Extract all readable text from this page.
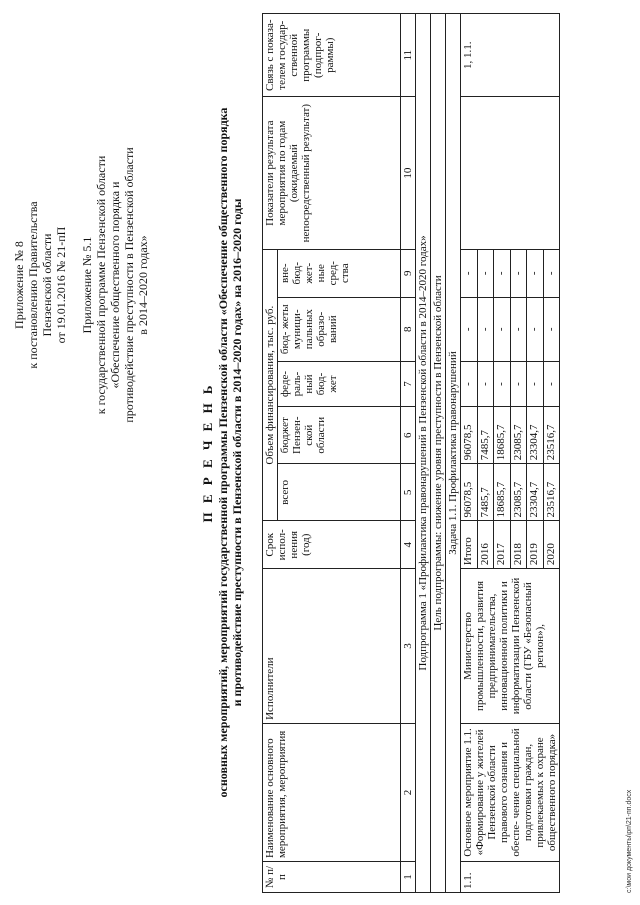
Приложение № 8 к постановлению Правительства Пензенской области от 19.01.2016 № 21-пП Приложение № 5.1 к государственной программе Пензенской области «Обеспечение общественного порядка и противодействие преступности в Пензенской области в 2014–2020 годах»
П Е Р Е Ч Е Н Ь основных мероприятий, мероприятий государственной программы Пензенской области «Обеспечение общественного порядка и противодействие преступности в Пензенской области в 2014–2020 годах» на 2016–2020 годы
№ п/п	Наименование основного мероприятия, мероприятия	Исполнители	Срок испол- нения (год)	Объем финансирования, тыс. руб.					Показатели результата мероприятия по годам (ожидаемый непосредственный результат)	Связь с показа- телем государ- ственной программы (подпрог- раммы)
				всего	бюджет Пензен- ской области	феде- раль- ный бюд- жет	бюд- жеты муници- пальных образо- ваний	вне- бюд- жет- ные сред- ства		
1	2	3	4	5	6	7	8	9	10	11
Подпрограмма 1 «Профилактика правонарушений в Пензенской области в 2014–2020 годах»										
Цель подпрограммы: снижение уровня преступности в Пензенской области										
Задача 1.1. Профилактика правонарушений										
1.1.	Основное мероприятие 1.1. «Формирование у жителей Пензенской области правового сознания и обеспе- чение специальной подготовки граждан, привлекаемых к охране общественного порядка»	Министерство промышленности, развития предпринимательства, инновационной политики и информатизации Пензенской области (ГБУ «Безопасный регион»),	Итого	96078,5	96078,5	-	-	-		1, 1.1.
			2016	7485,7	7485,7	-	-	-		
			2017	18685,7	18685,7	-	-	-		
			2018	23085,7	23085,7	-	-	-		
			2019	23304,7	23304,7	-	-	-		
			2020	23516,7	23516,7	-	-	-		
c:\мои документы\рп\21-пп.docx
